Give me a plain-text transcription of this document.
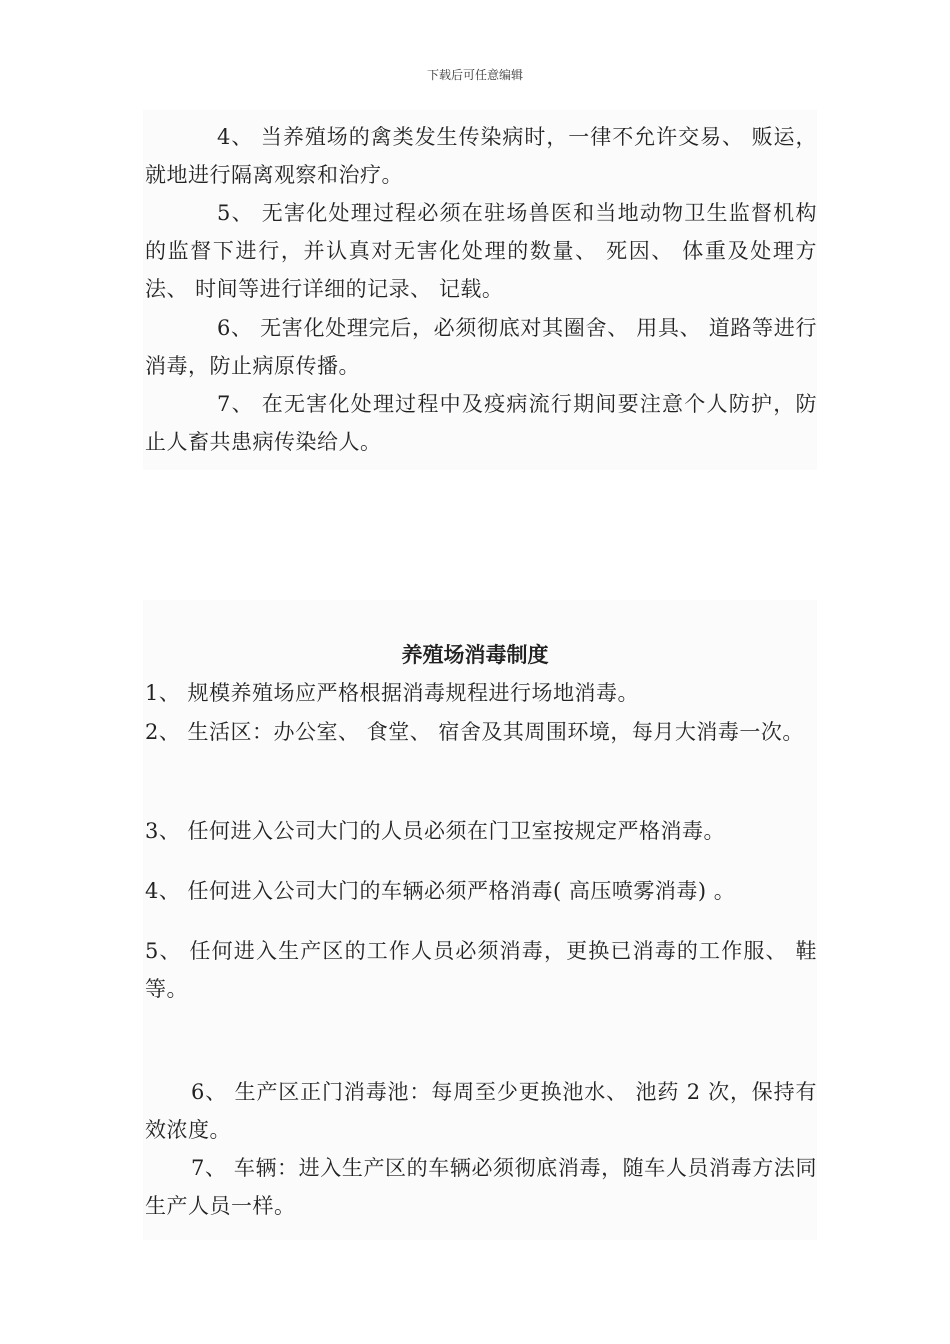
下载后可任意编辑

4、 当养殖场的禽类发生传染病时，一律不允许交易、 贩运，就地进行隔离观察和治疗。

5、 无害化处理过程必须在驻场兽医和当地动物卫生监督机构的监督下进行，并认真对无害化处理的数量、 死因、 体重及处理方法、 时间等进行详细的记录、 记载。

6、 无害化处理完后，必须彻底对其圈舍、 用具、 道路等进行消毒，防止病原传播。

7、 在无害化处理过程中及疫病流行期间要注意个人防护，防止人畜共患病传染给人。

养殖场消毒制度

1、 规模养殖场应严格根据消毒规程进行场地消毒。

2、 生活区：办公室、 食堂、 宿舍及其周围环境，每月大消毒一次。

3、 任何进入公司大门的人员必须在门卫室按规定严格消毒。

4、 任何进入公司大门的车辆必须严格消毒( 高压喷雾消毒) 。

5、 任何进入生产区的工作人员必须消毒，更换已消毒的工作服、 鞋等。

6、 生产区正门消毒池：每周至少更换池水、 池药 2 次，保持有效浓度。

7、 车辆：进入生产区的车辆必须彻底消毒，随车人员消毒方法同生产人员一样。
